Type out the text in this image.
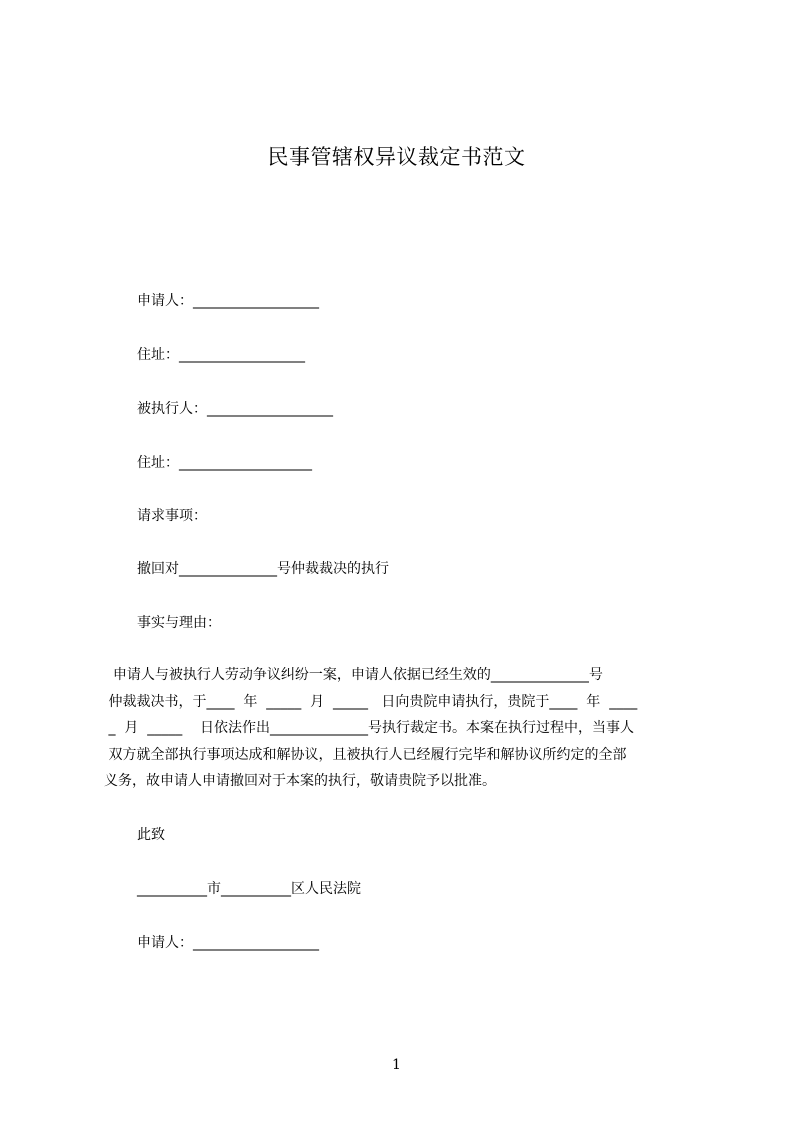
民事管辖权异议裁定书范文
申请人：__________________
住址：__________________
被执行人：__________________
住址：___________________
请求事项：
撤回对______________号仲裁裁决的执行
事实与理由：
申请人与被执行人劳动争议纠纷一案，申请人依据已经生效的______________号
仲裁裁决书，于____  年  _____  月  _____   日向贵院申请执行，贵院于____  年  ____
_  月  _____    日依法作出______________号执行裁定书。本案在执行过程中，当事人
双方就全部执行事项达成和解协议，且被执行人已经履行完毕和解协议所约定的全部
义务，故申请人申请撤回对于本案的执行，敬请贵院予以批准。
此致
__________市__________区人民法院
申请人：__________________
1
